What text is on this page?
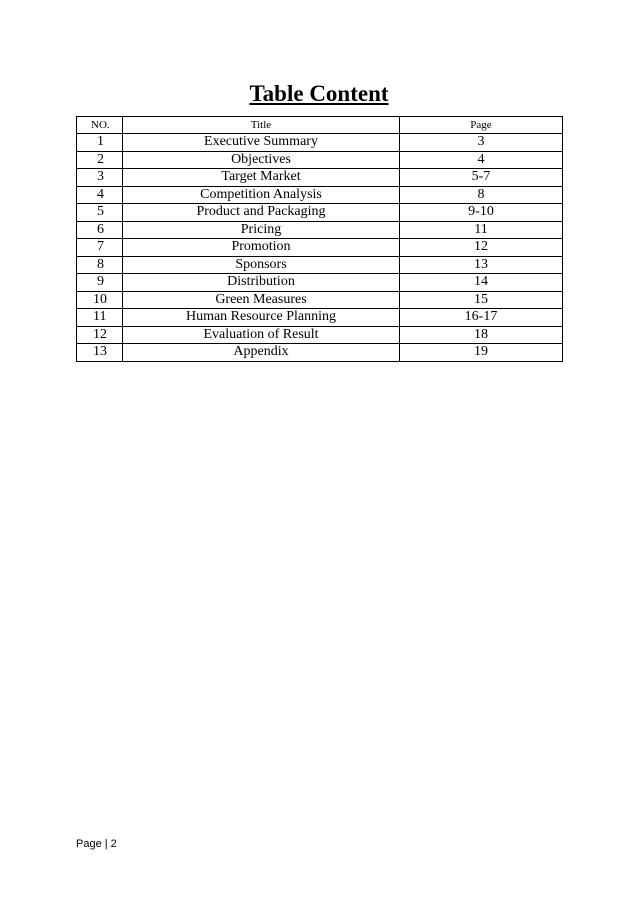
Table Content
NO.	Title	Page
1	Executive Summary	3
2	Objectives	4
3	Target Market	5-7
4	Competition Analysis	8
5	Product and Packaging	9-10
6	Pricing	11
7	Promotion	12
8	Sponsors	13
9	Distribution	14
10	Green Measures	15
11	Human Resource Planning	16-17
12	Evaluation of Result	18
13	Appendix	19
Page | 2
